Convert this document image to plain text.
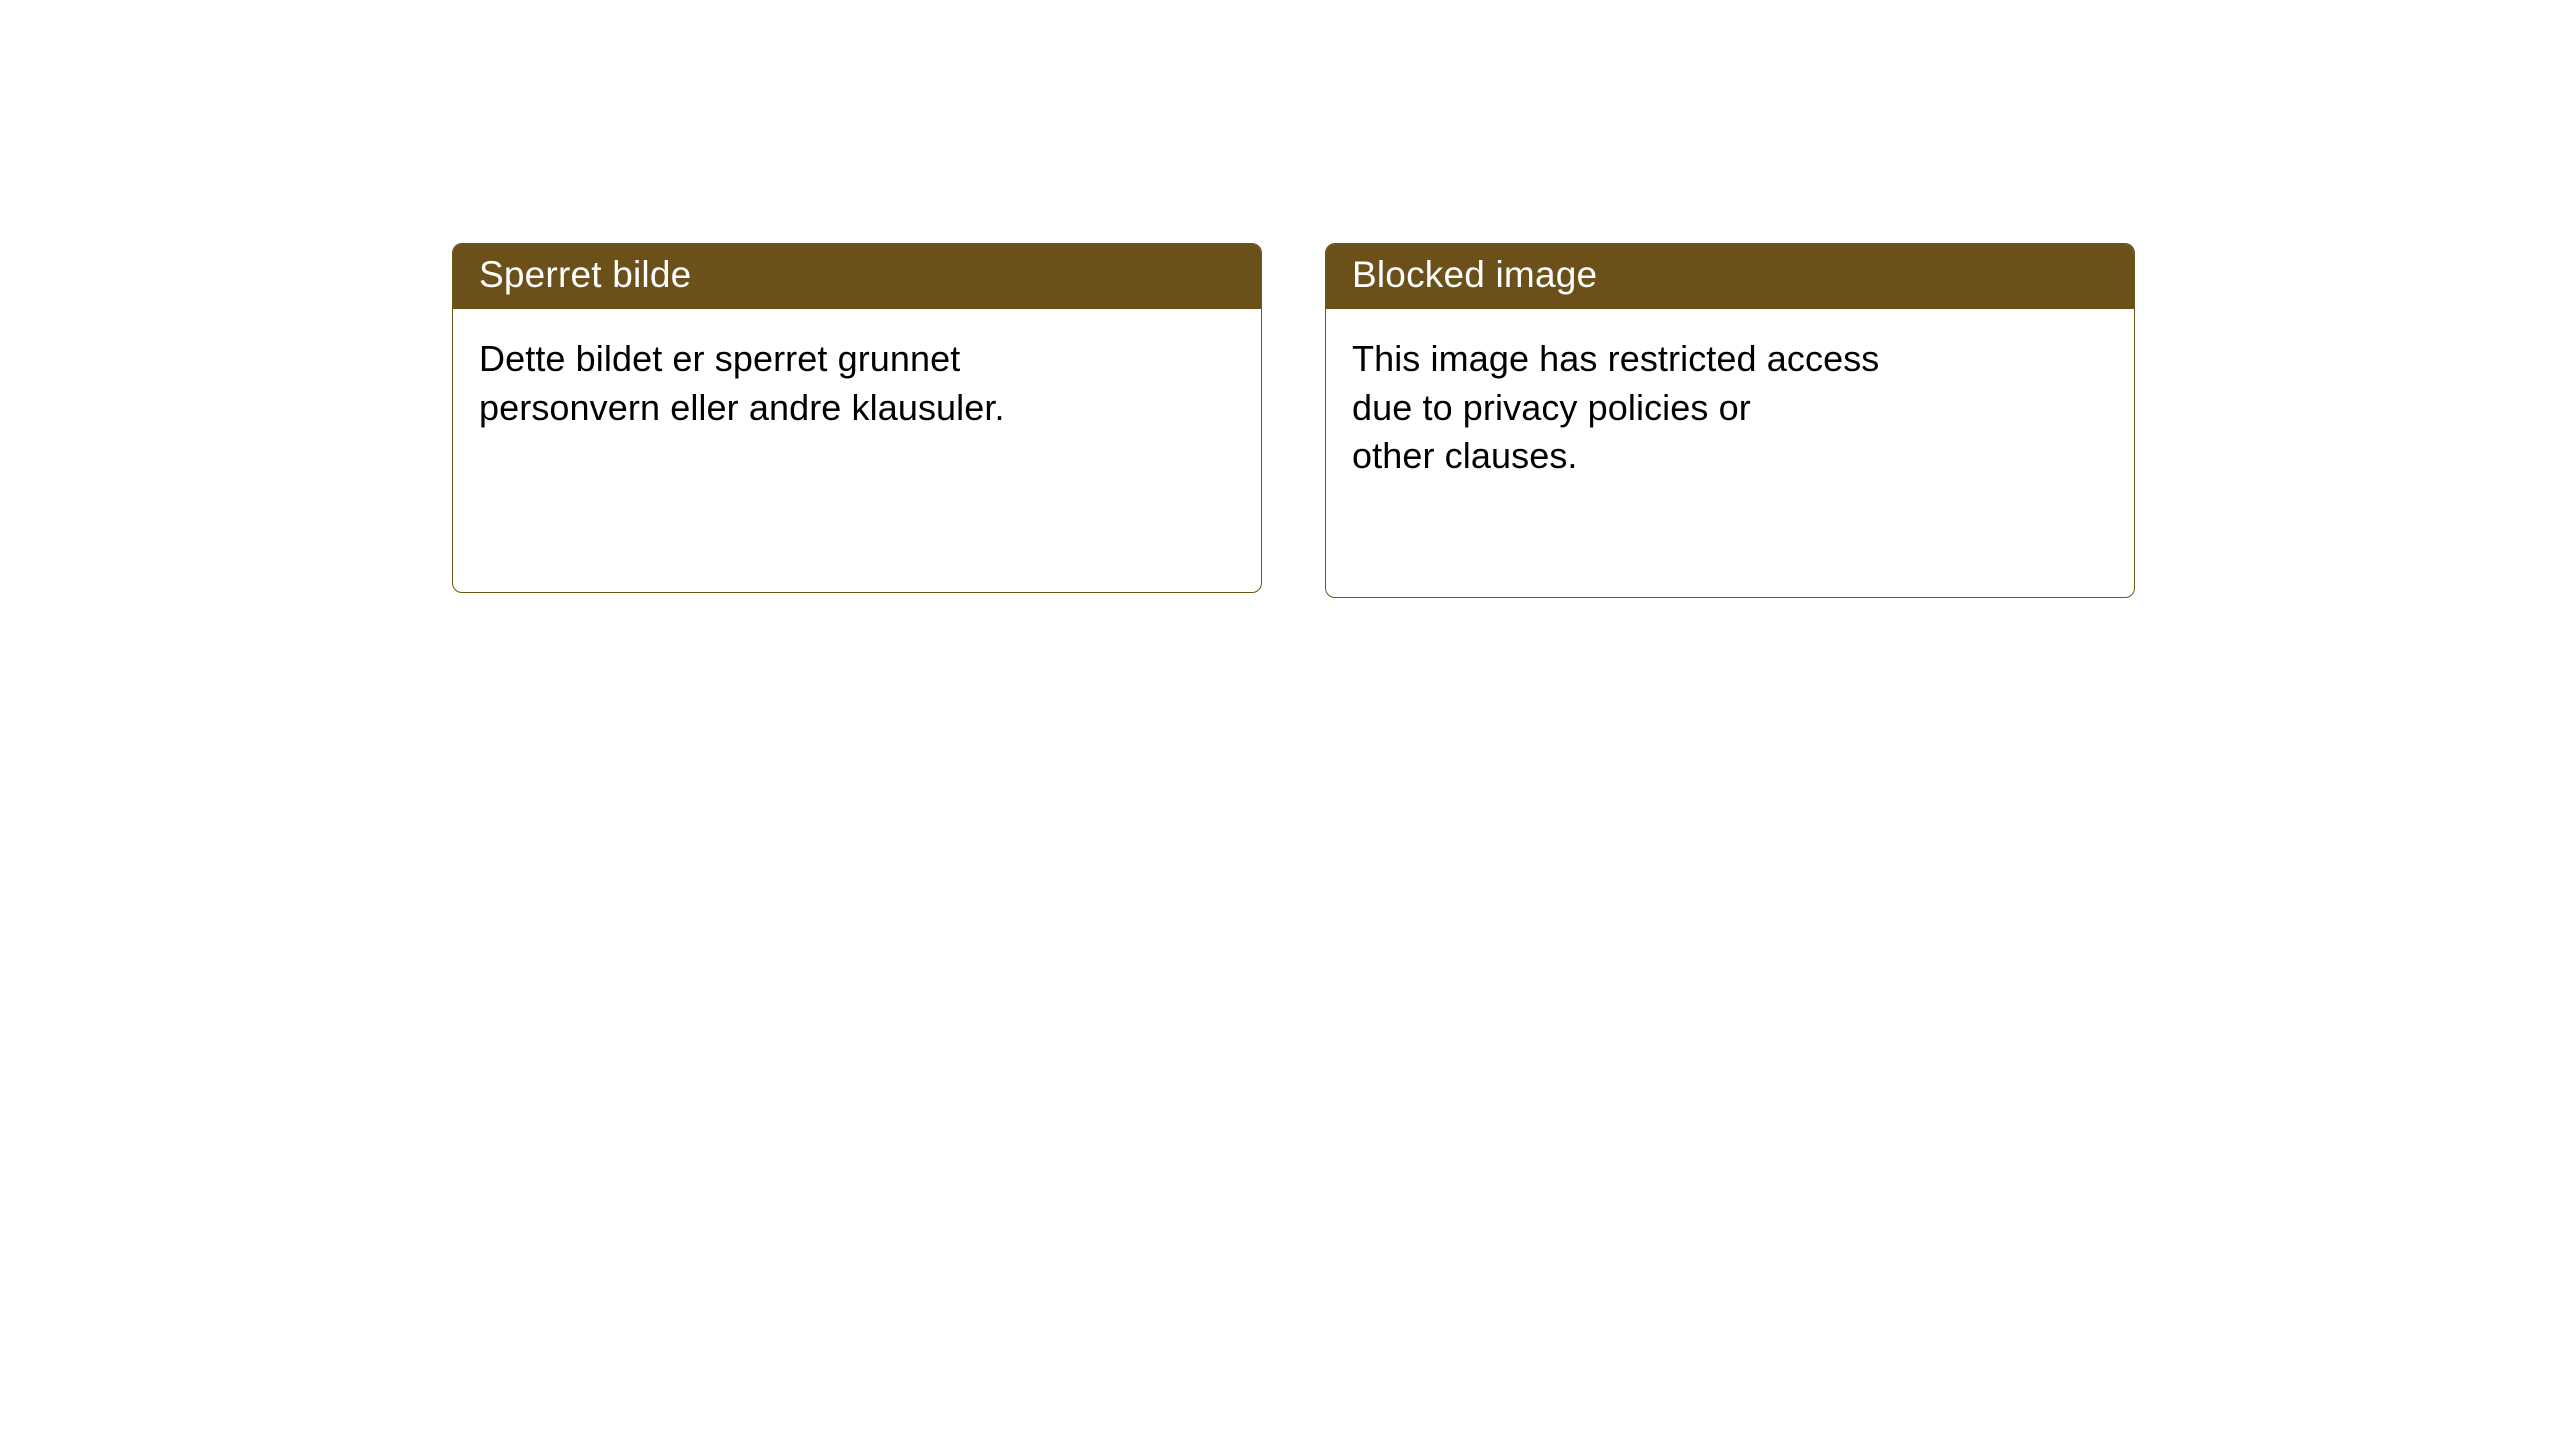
Sperret bilde

Dette bildet er sperret grunnet
personvern eller andre klausuler.

Blocked image

This image has restricted access
due to privacy policies or
other clauses.
